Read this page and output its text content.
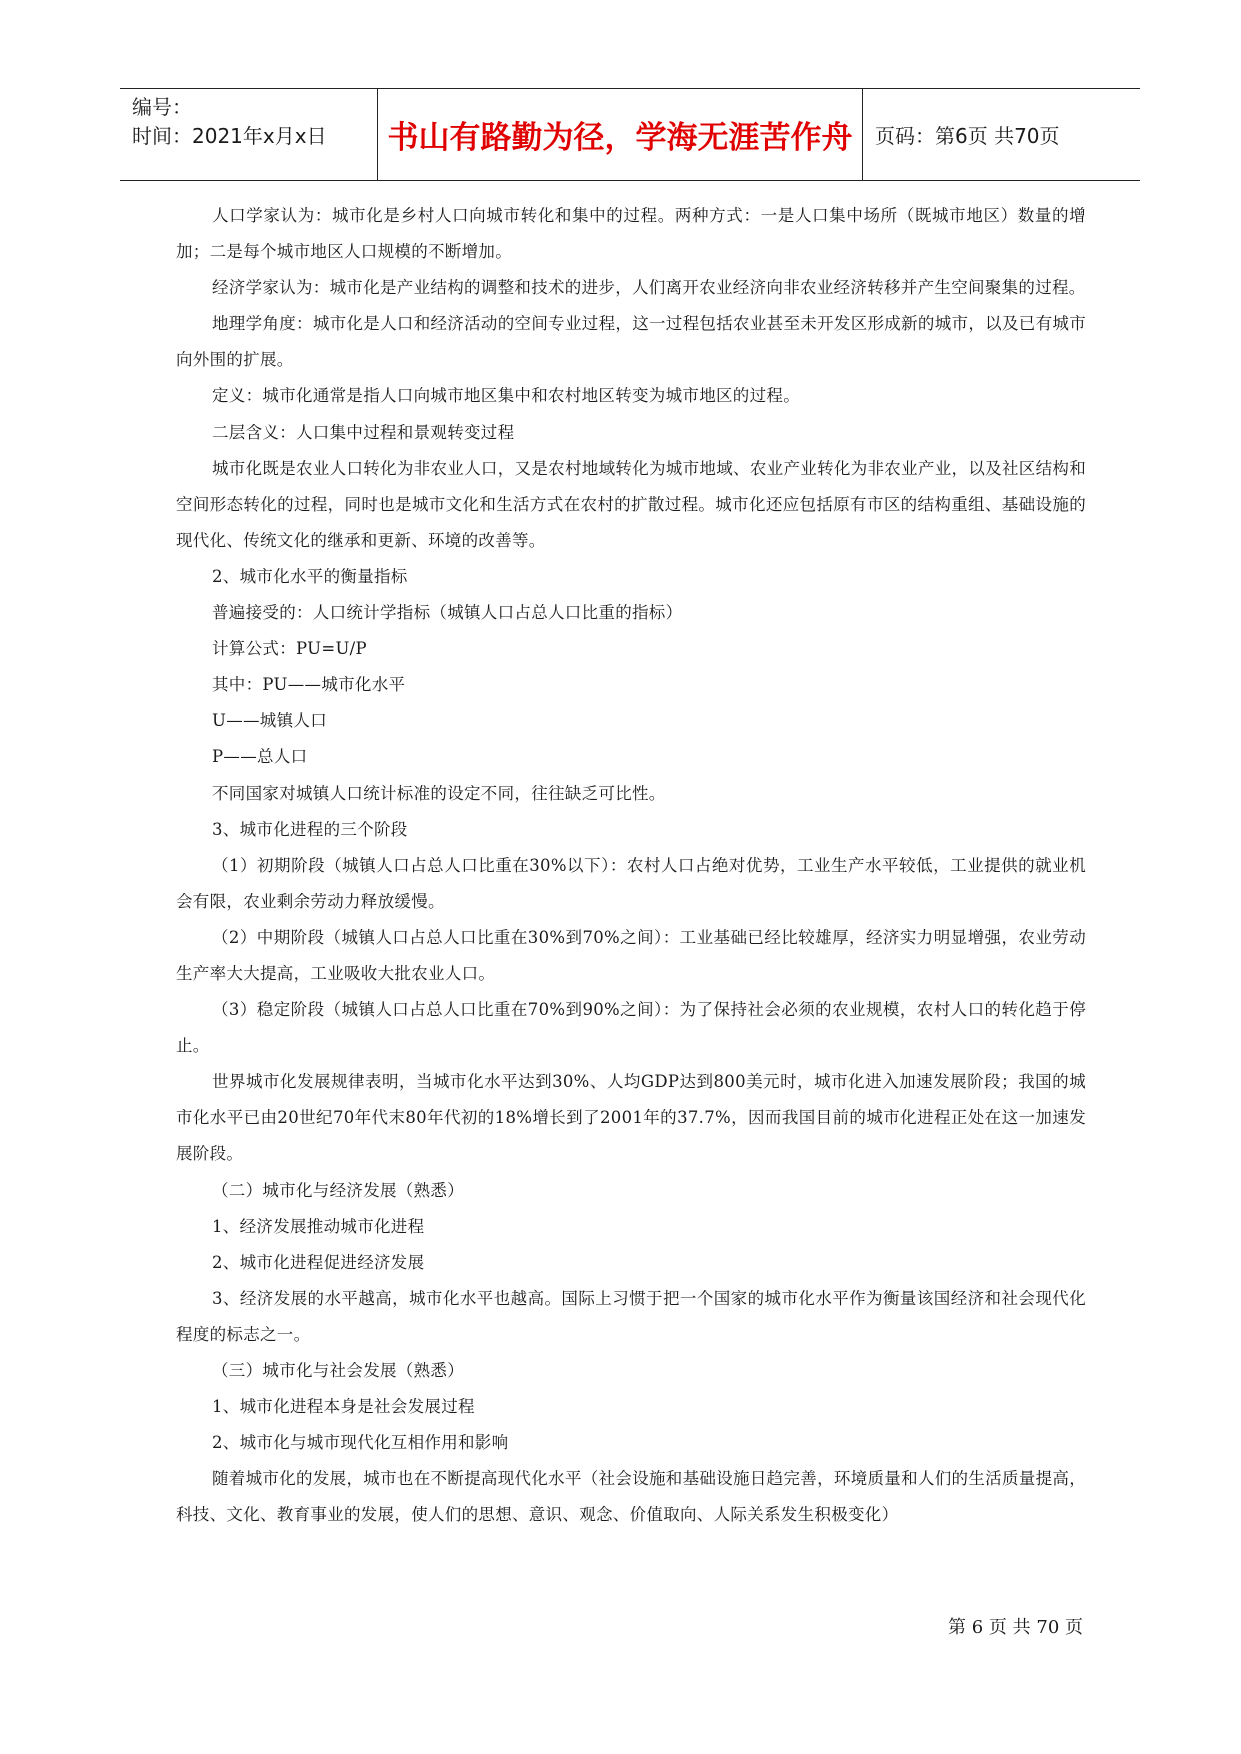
编号：
时间：2021年x月x日	书山有路勤为径，学海无涯苦作舟 页码：第6页 共70页

人口学家认为：城市化是乡村人口向城市转化和集中的过程。两种方式：一是人口集中场所（既城市地区）数量的增加；二是每个城市地区人口规模的不断增加。

经济学家认为：城市化是产业结构的调整和技术的进步，人们离开农业经济向非农业经济转移并产生空间聚集的过程。

地理学角度：城市化是人口和经济活动的空间专业过程，这一过程包括农业甚至未开发区形成新的城市，以及已有城市向外围的扩展。

定义：城市化通常是指人口向城市地区集中和农村地区转变为城市地区的过程。

二层含义：人口集中过程和景观转变过程

城市化既是农业人口转化为非农业人口，又是农村地域转化为城市地域、农业产业转化为非农业产业，以及社区结构和空间形态转化的过程，同时也是城市文化和生活方式在农村的扩散过程。城市化还应包括原有市区的结构重组、基础设施的现代化、传统文化的继承和更新、环境的改善等。

2、城市化水平的衡量指标

普遍接受的：人口统计学指标（城镇人口占总人口比重的指标）

计算公式：PU=U/P

其中：PU——城市化水平

U——城镇人口

P——总人口

不同国家对城镇人口统计标准的设定不同，往往缺乏可比性。

3、城市化进程的三个阶段

（1）初期阶段（城镇人口占总人口比重在30%以下）：农村人口占绝对优势，工业生产水平较低，工业提供的就业机会有限，农业剩余劳动力释放缓慢。

（2）中期阶段（城镇人口占总人口比重在30%到70%之间）：工业基础已经比较雄厚，经济实力明显增强，农业劳动生产率大大提高，工业吸收大批农业人口。

（3）稳定阶段（城镇人口占总人口比重在70%到90%之间）：为了保持社会必须的农业规模，农村人口的转化趋于停止。

世界城市化发展规律表明，当城市化水平达到30%、人均GDP达到800美元时，城市化进入加速发展阶段；我国的城市化水平已由20世纪70年代末80年代初的18%增长到了2001年的37.7%，因而我国目前的城市化进程正处在这一加速发展阶段。

（二）城市化与经济发展（熟悉）

1、经济发展推动城市化进程

2、城市化进程促进经济发展

3、经济发展的水平越高，城市化水平也越高。国际上习惯于把一个国家的城市化水平作为衡量该国经济和社会现代化程度的标志之一。

（三）城市化与社会发展（熟悉）

1、城市化进程本身是社会发展过程

2、城市化与城市现代化互相作用和影响

随着城市化的发展，城市也在不断提高现代化水平（社会设施和基础设施日趋完善，环境质量和人们的生活质量提高，科技、文化、教育事业的发展，使人们的思想、意识、观念、价值取向、人际关系发生积极变化）

第 6 页 共 70 页
